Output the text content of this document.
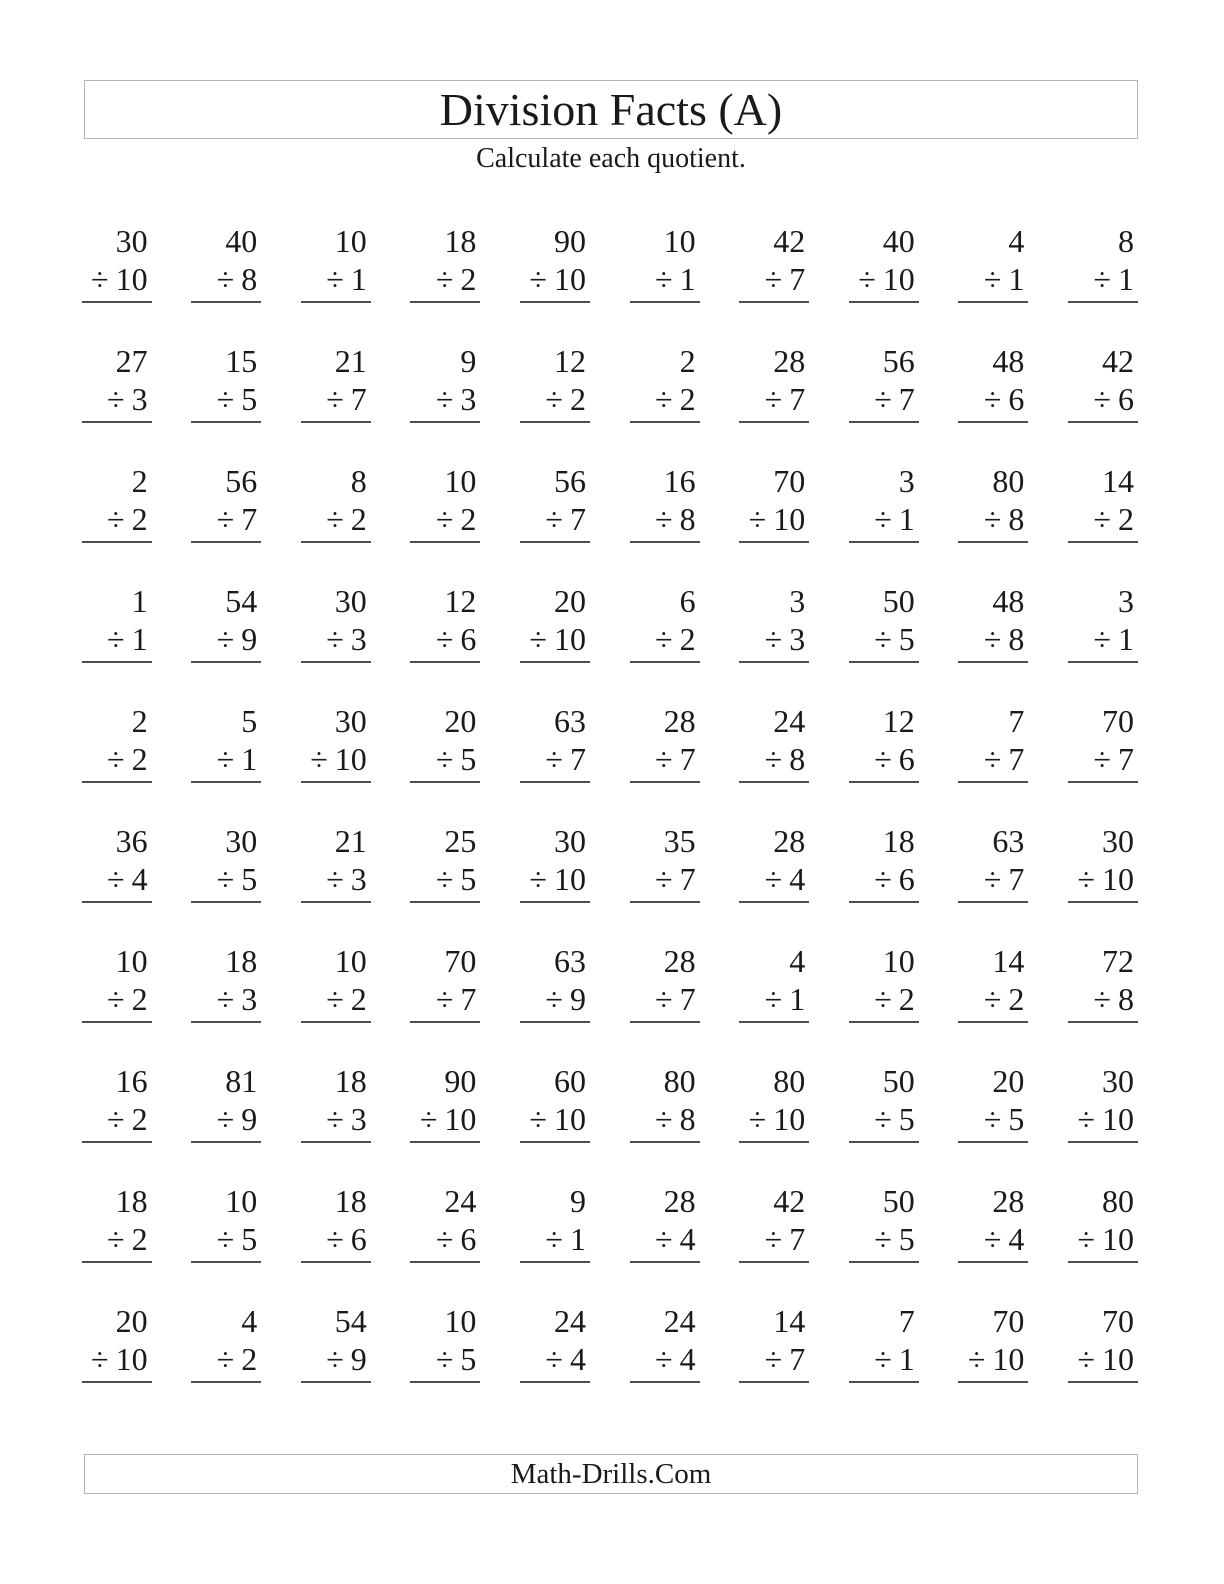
Division Facts (A)
Calculate each quotient.
30
÷ 10
40
÷ 8
10
÷ 1
18
÷ 2
90
÷ 10
10
÷ 1
42
÷ 7
40
÷ 10
4
÷ 1
8
÷ 1
27
÷ 3
15
÷ 5
21
÷ 7
9
÷ 3
12
÷ 2
2
÷ 2
28
÷ 7
56
÷ 7
48
÷ 6
42
÷ 6
2
÷ 2
56
÷ 7
8
÷ 2
10
÷ 2
56
÷ 7
16
÷ 8
70
÷ 10
3
÷ 1
80
÷ 8
14
÷ 2
1
÷ 1
54
÷ 9
30
÷ 3
12
÷ 6
20
÷ 10
6
÷ 2
3
÷ 3
50
÷ 5
48
÷ 8
3
÷ 1
2
÷ 2
5
÷ 1
30
÷ 10
20
÷ 5
63
÷ 7
28
÷ 7
24
÷ 8
12
÷ 6
7
÷ 7
70
÷ 7
36
÷ 4
30
÷ 5
21
÷ 3
25
÷ 5
30
÷ 10
35
÷ 7
28
÷ 4
18
÷ 6
63
÷ 7
30
÷ 10
10
÷ 2
18
÷ 3
10
÷ 2
70
÷ 7
63
÷ 9
28
÷ 7
4
÷ 1
10
÷ 2
14
÷ 2
72
÷ 8
16
÷ 2
81
÷ 9
18
÷ 3
90
÷ 10
60
÷ 10
80
÷ 8
80
÷ 10
50
÷ 5
20
÷ 5
30
÷ 10
18
÷ 2
10
÷ 5
18
÷ 6
24
÷ 6
9
÷ 1
28
÷ 4
42
÷ 7
50
÷ 5
28
÷ 4
80
÷ 10
20
÷ 10
4
÷ 2
54
÷ 9
10
÷ 5
24
÷ 4
24
÷ 4
14
÷ 7
7
÷ 1
70
÷ 10
70
÷ 10
Math-Drills.Com
